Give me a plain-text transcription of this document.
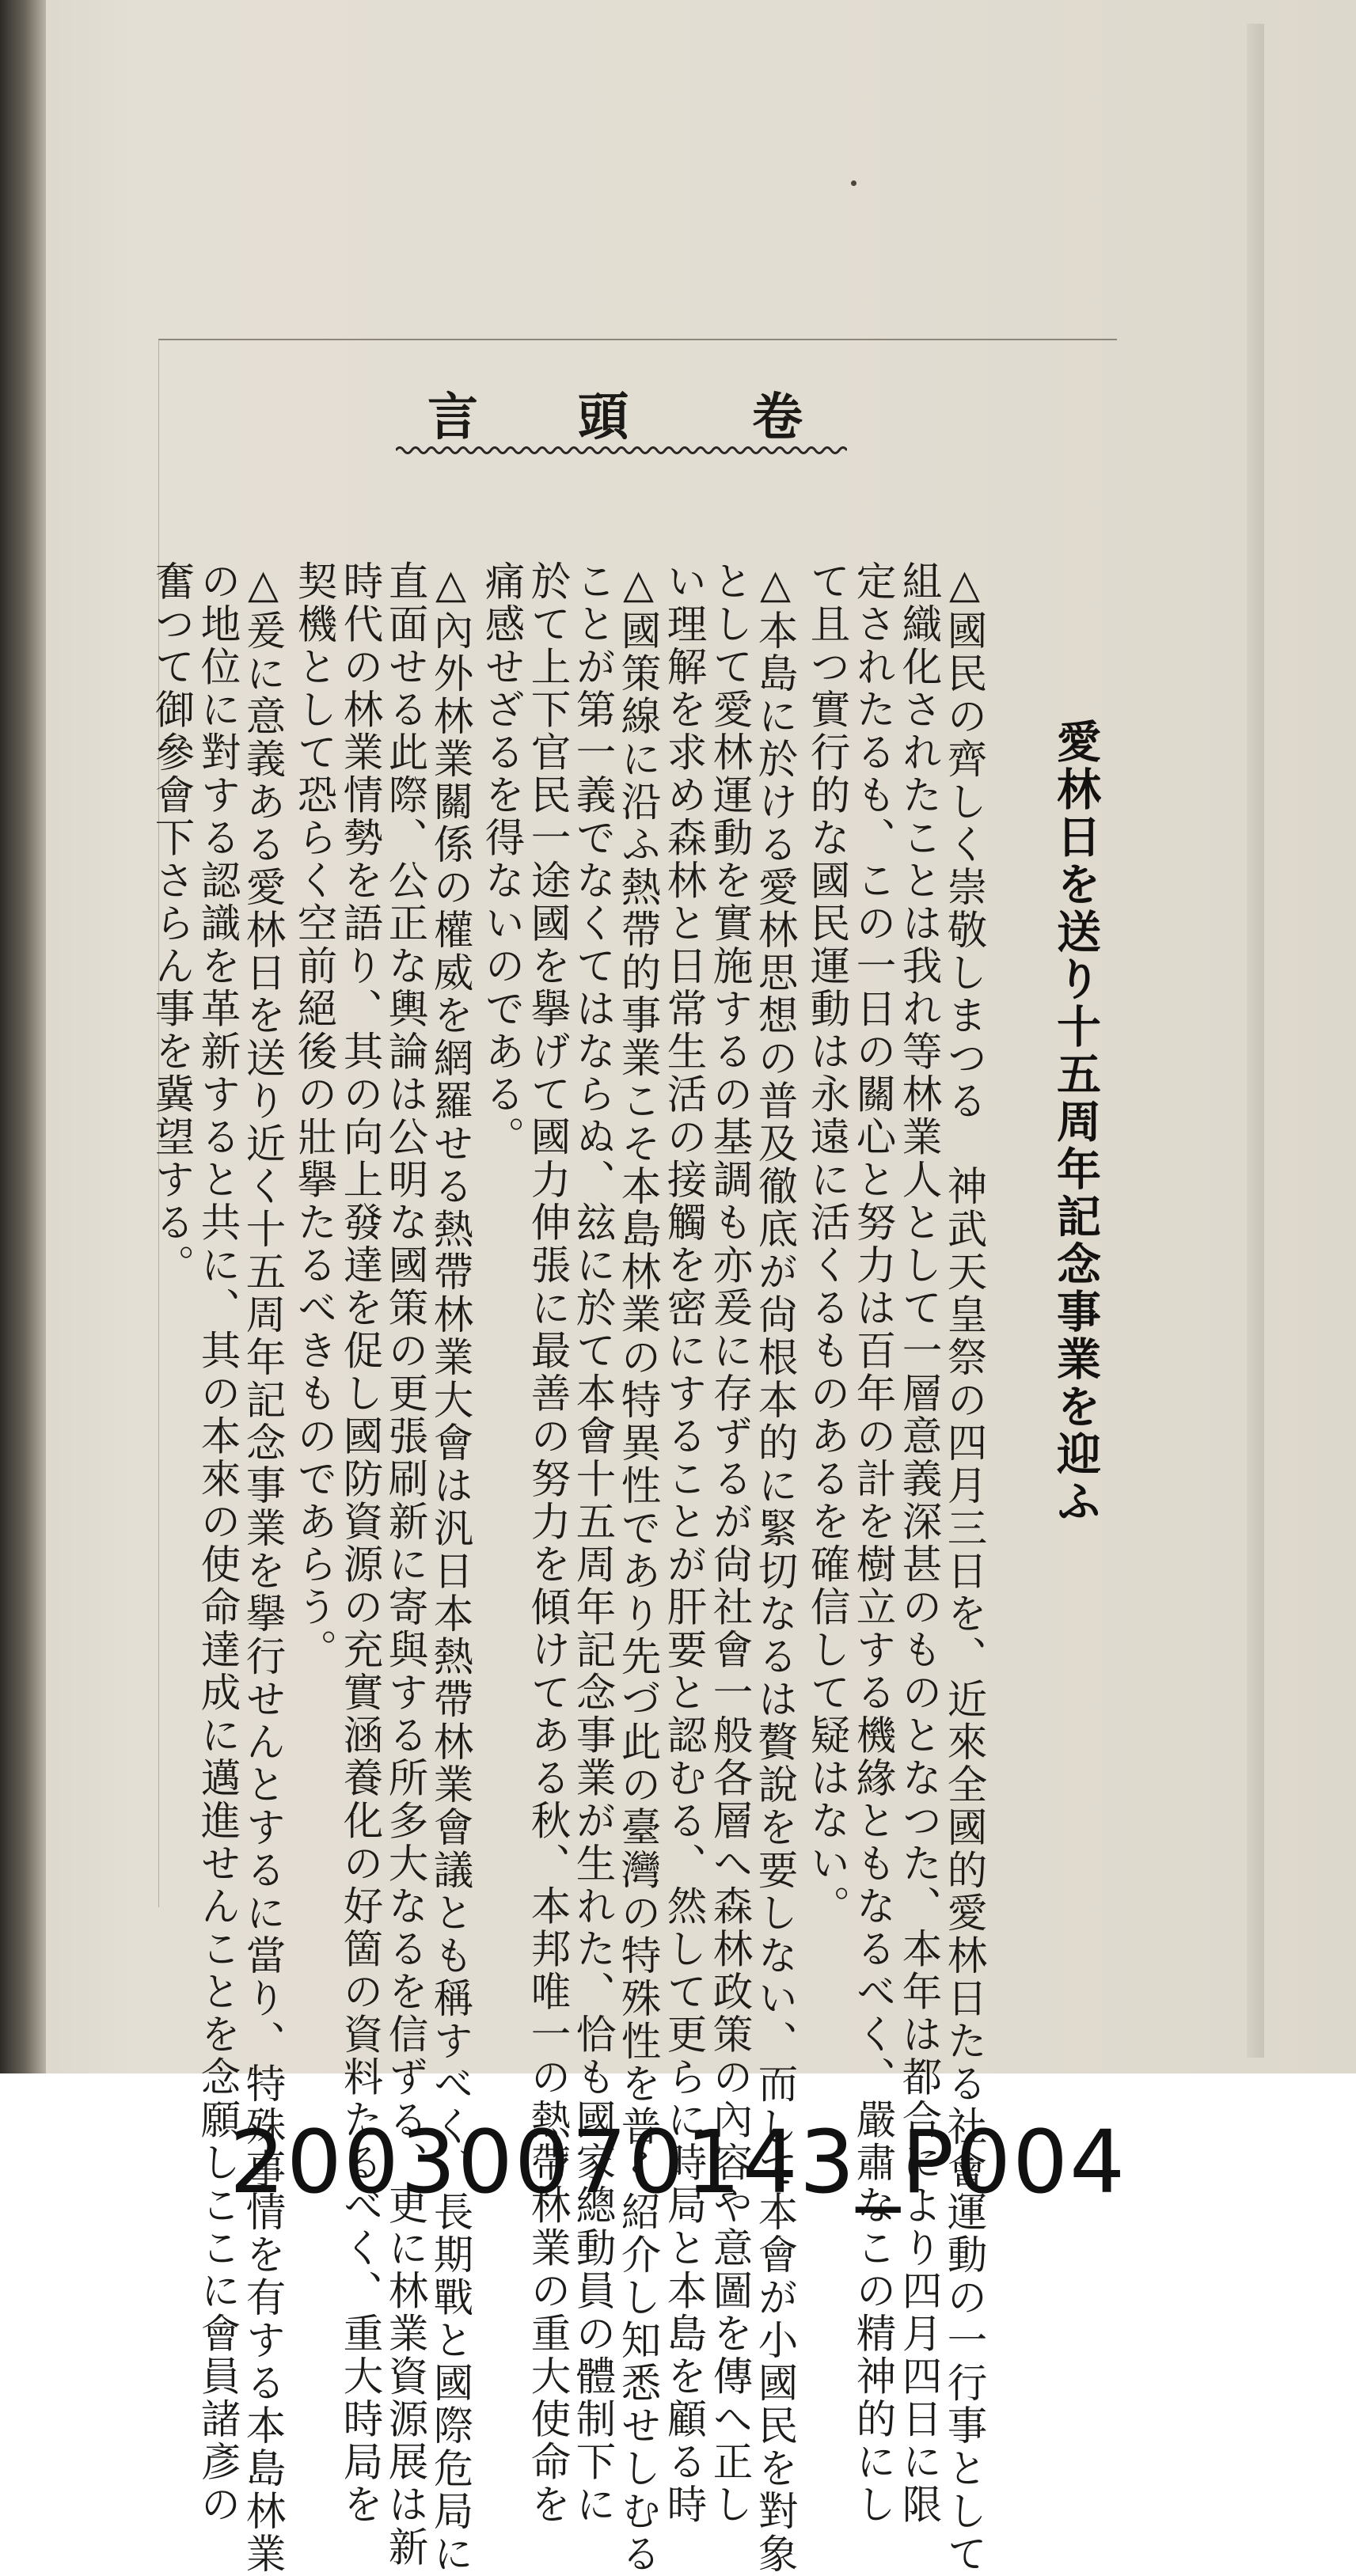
卷
頭
言
愛林日を送り十五周年記念事業を迎ふ
△國民の齊しく崇敬しまつる　神武天皇祭の四月三日を、近來全國的愛林日たる社會運動の一行事として
組織化されたことは我れ等林業人として一層意義深甚のものとなつた、本年は都合により四月四日に限
定されたるも、この一日の關心と努力は百年の計を樹立する機緣ともなるべく、嚴肅なこの精神的にし
て且つ實行的な國民運動は永遠に活くるものあるを確信して疑はない。
△本島に於ける愛林思想の普及徹底が尙根本的に緊切なるは贅說を要しない、而して本會が小國民を對象
として愛林運動を實施するの基調も亦爰に存ずるが尙社會一般各層へ森林政策の內容や意圖を傳へ正し
い理解を求め森林と日常生活の接觸を密にすることが肝要と認むる、然して更らに時局と本島を顧る時
△國策線に沿ふ熱帶的事業こそ本島林業の特異性であり先づ此の臺灣の特殊性を普く紹介し知悉せしむる
ことが第一義でなくてはならぬ、玆に於て本會十五周年記念事業が生れた、恰も國家總動員の體制下に
於て上下官民一途國を擧げて國力伸張に最善の努力を傾けてある秋、本邦唯一の熱帶林業の重大使命を
痛感せざるを得ないのである。
△內外林業關係の權威を網羅せる熱帶林業大會は汎日本熱帶林業會議とも稱すべく、長期戰と國際危局に
直面せる此際、公正な輿論は公明な國策の更張刷新に寄與する所多大なるを信ずる、更に林業資源展は新
時代の林業情勢を語り、其の向上發達を促し國防資源の充實涵養化の好箇の資料たるべく、重大時局を
契機として恐らく空前絕後の壯擧たるべきものであらう。
△爰に意義ある愛林日を送り近く十五周年記念事業を擧行せんとするに當り、特殊事情を有する本島林業
の地位に對する認識を革新すると共に、其の本來の使命達成に邁進せんことを念願しここに會員諸彥の
奮つて御參會下さらん事を冀望する。
20030070143_P004
